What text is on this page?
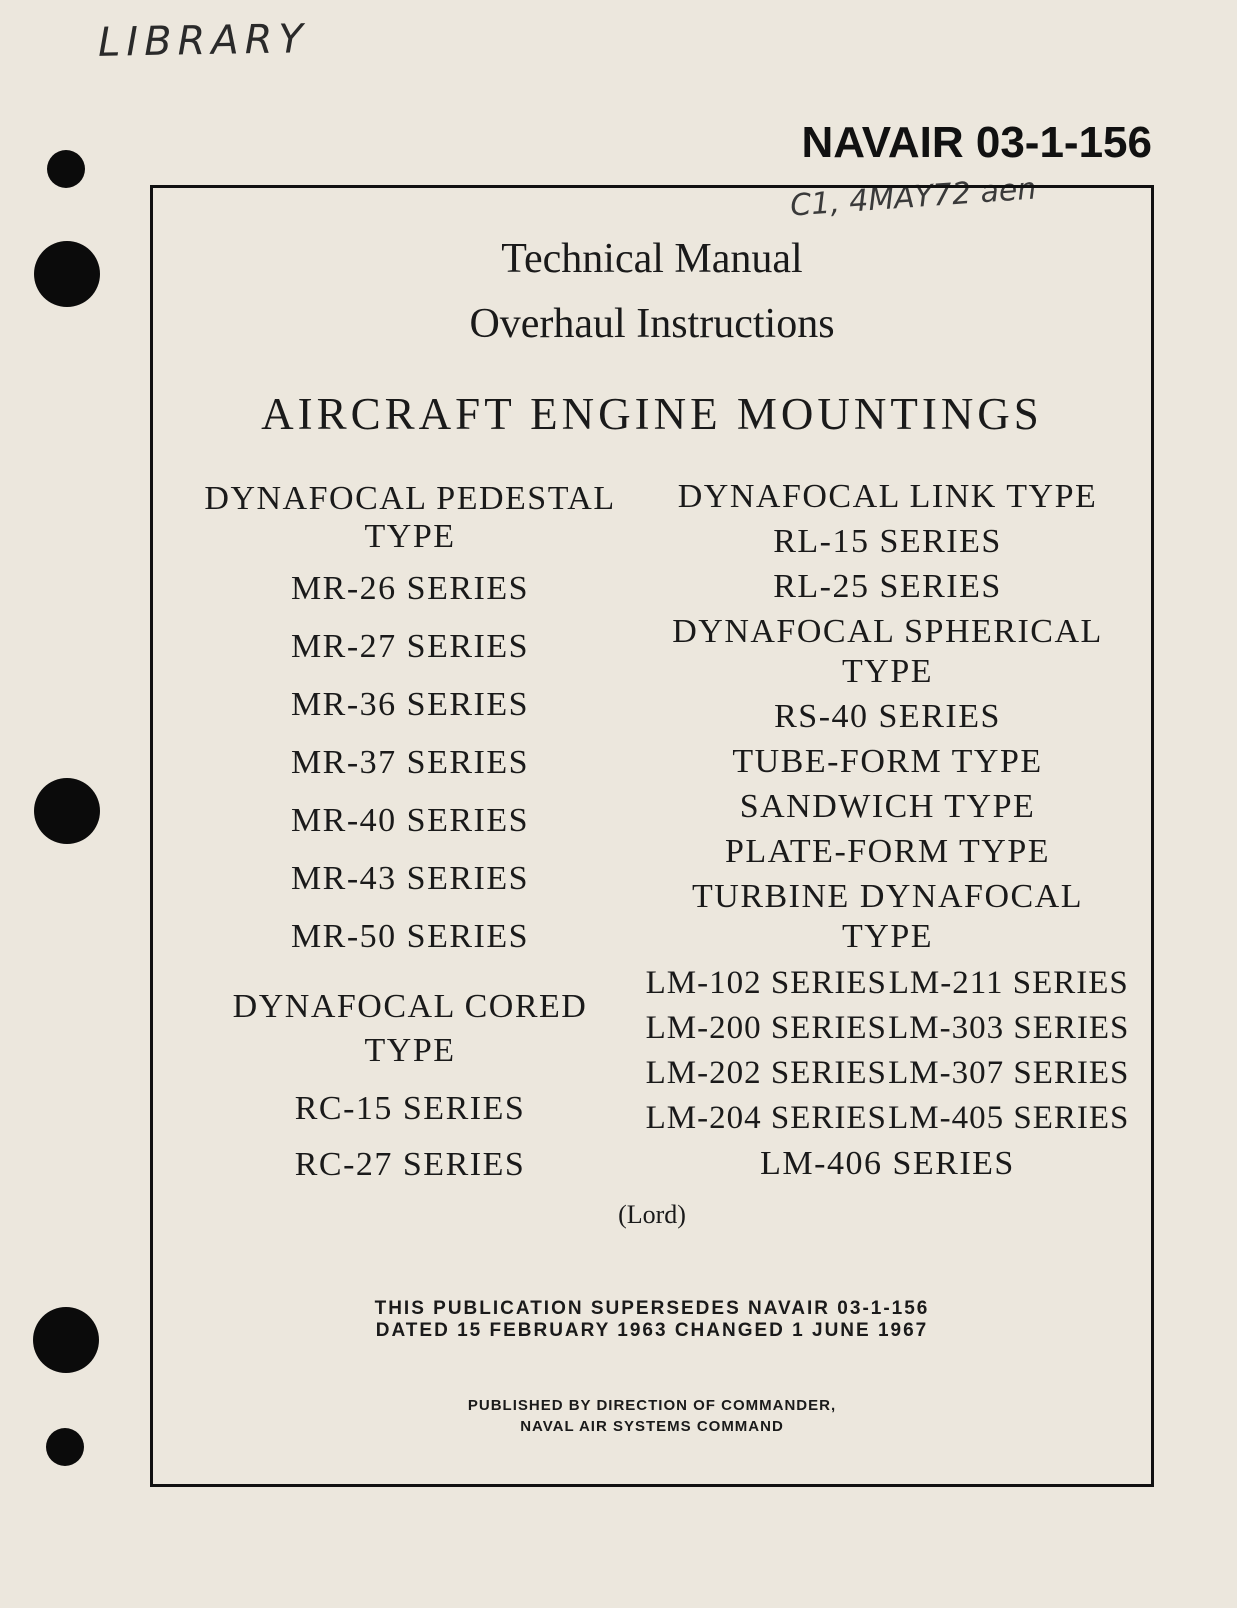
LIBRARY
NAVAIR 03-1-156
C1, 4MAY72 aen
Technical Manual
Overhaul Instructions
AIRCRAFT ENGINE MOUNTINGS
DYNAFOCAL PEDESTAL
TYPE
MR-26 SERIES
MR-27 SERIES
MR-36 SERIES
MR-37 SERIES
MR-40 SERIES
MR-43 SERIES
MR-50 SERIES
DYNAFOCAL CORED
TYPE
RC-15 SERIES
RC-27 SERIES
DYNAFOCAL LINK TYPE
RL-15 SERIES
RL-25 SERIES
DYNAFOCAL SPHERICAL
TYPE
RS-40 SERIES
TUBE-FORM TYPE
SANDWICH TYPE
PLATE-FORM TYPE
TURBINE DYNAFOCAL
TYPE
LM-102 SERIES LM-211 SERIES
LM-200 SERIES LM-303 SERIES
LM-202 SERIES LM-307 SERIES
LM-204 SERIES LM-405 SERIES
LM-406 SERIES
(Lord)
THIS PUBLICATION SUPERSEDES NAVAIR 03-1-156
DATED 15 FEBRUARY 1963 CHANGED 1 JUNE 1967
PUBLISHED BY DIRECTION OF COMMANDER,
NAVAL AIR SYSTEMS COMMAND
